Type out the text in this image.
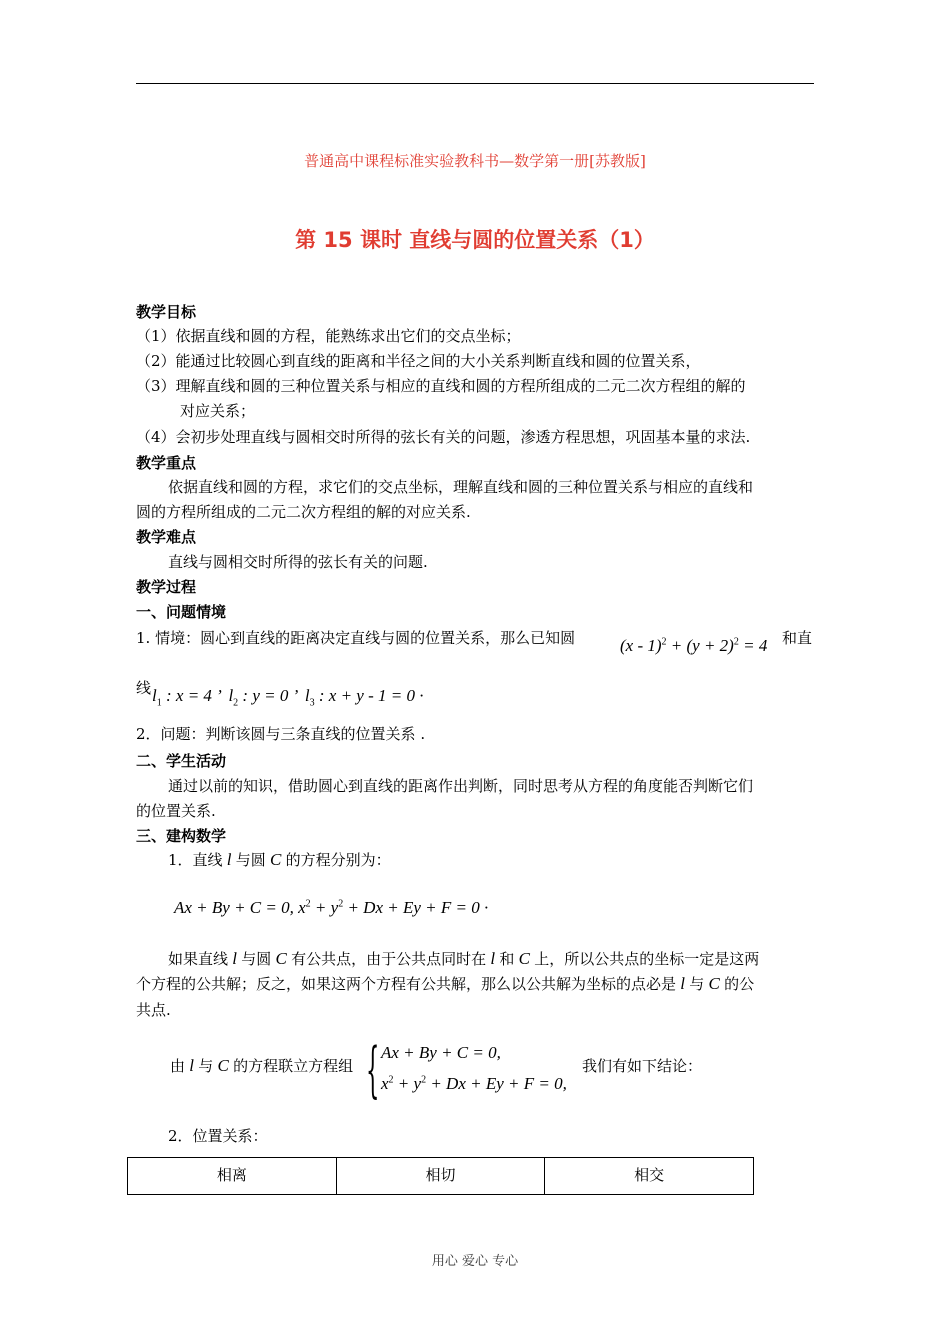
普通高中课程标准实验教科书—数学第一册[苏教版]
第 15 课时 直线与圆的位置关系（1）
教学目标
（1）依据直线和圆的方程，能熟练求出它们的交点坐标；
（2）能通过比较圆心到直线的距离和半径之间的大小关系判断直线和圆的位置关系，
（3）理解直线和圆的三种位置关系与相应的直线和圆的方程所组成的二元二次方程组的解的
对应关系；
（4）会初步处理直线与圆相交时所得的弦长有关的问题，渗透方程思想，巩固基本量的求法.
教学重点
依据直线和圆的方程，求它们的交点坐标，理解直线和圆的三种位置关系与相应的直线和
圆的方程所组成的二元二次方程组的解的对应关系.
教学难点
直线与圆相交时所得的弦长有关的问题.
教学过程
一、问题情境
1. 情境：圆心到直线的距离决定直线与圆的位置关系，那么已知圆	$(x - 1)^2 + (y + 2)^2 = 4$ 和直
线 $l_1$ : x = 4 ’  $l_2$ : y = 0 ’  $l_3$ : x + y - 1 = 0 ·
2．问题：判断该圆与三条直线的位置关系 .
二、学生活动
通过以前的知识，借助圆心到直线的距离作出判断，同时思考从方程的角度能否判断它们
的位置关系.
三、建构数学
1．直线 l 与圆 C 的方程分别为：
Ax + By + C = 0, $x^2 + y^2 + Dx + Ey + F = 0$ ·
如果直线 l 与圆 C 有公共点，由于公共点同时在 l 和 C 上，所以公共点的坐标一定是这两
个方程的公共解；反之，如果这两个方程有公共解，那么以公共解为坐标的点必是 l 与 C 的公
共点.
由 l 与 C 的方程联立方程组 { Ax + By + C = 0,
$x^2 + y^2 + Dx + Ey + F = 0$,
我们有如下结论：
2．位置关系：
相离	相切	相交
用心 爱心 专心
